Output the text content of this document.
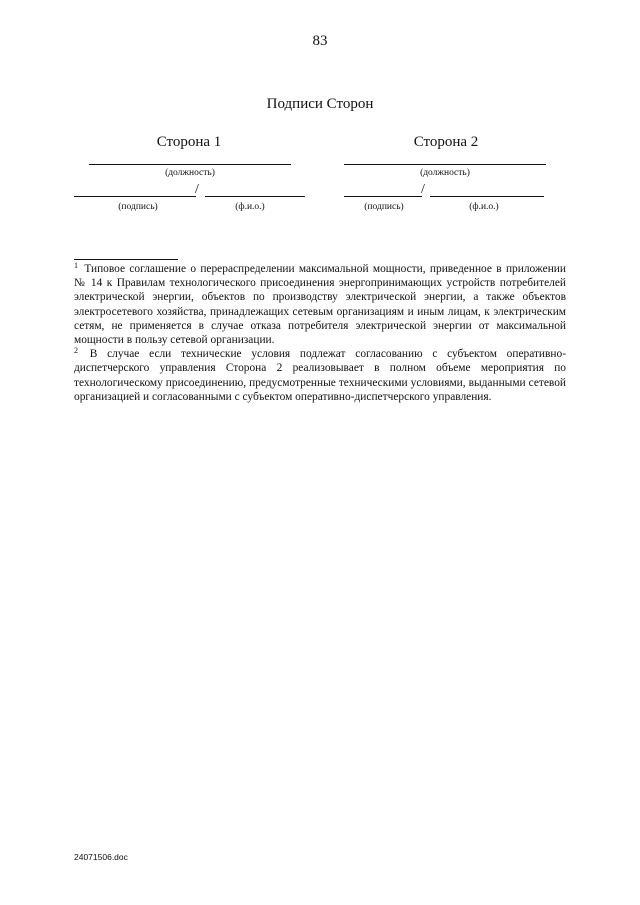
83
Подписи Сторон
Сторона 1
(должность)
/
(подпись)	(ф.и.о.)
Сторона 2
(должность)
/
(подпись)	(ф.и.о.)

$^1$ Типовое соглашение о перераспределении максимальной мощности, приведенное в приложении № 14 к Правилам технологического присоединения энергопринимающих устройств потребителей электрической энергии, объектов по производству электрической энергии, а также объектов электросетевого хозяйства, принадлежащих сетевым организациям и иным лицам, к электрическим сетям, не применяется в случае отказа потребителя электрической энергии от максимальной мощности в пользу сетевой организации.

$^2$ В случае если технические условия подлежат согласованию с субъектом оперативно-диспетчерского управления Сторона 2 реализовывает в полном объеме мероприятия по технологическому присоединению, предусмотренные техническими условиями, выданными сетевой организацией и согласованными с субъектом оперативно-диспетчерского управления.

24071506.doc
